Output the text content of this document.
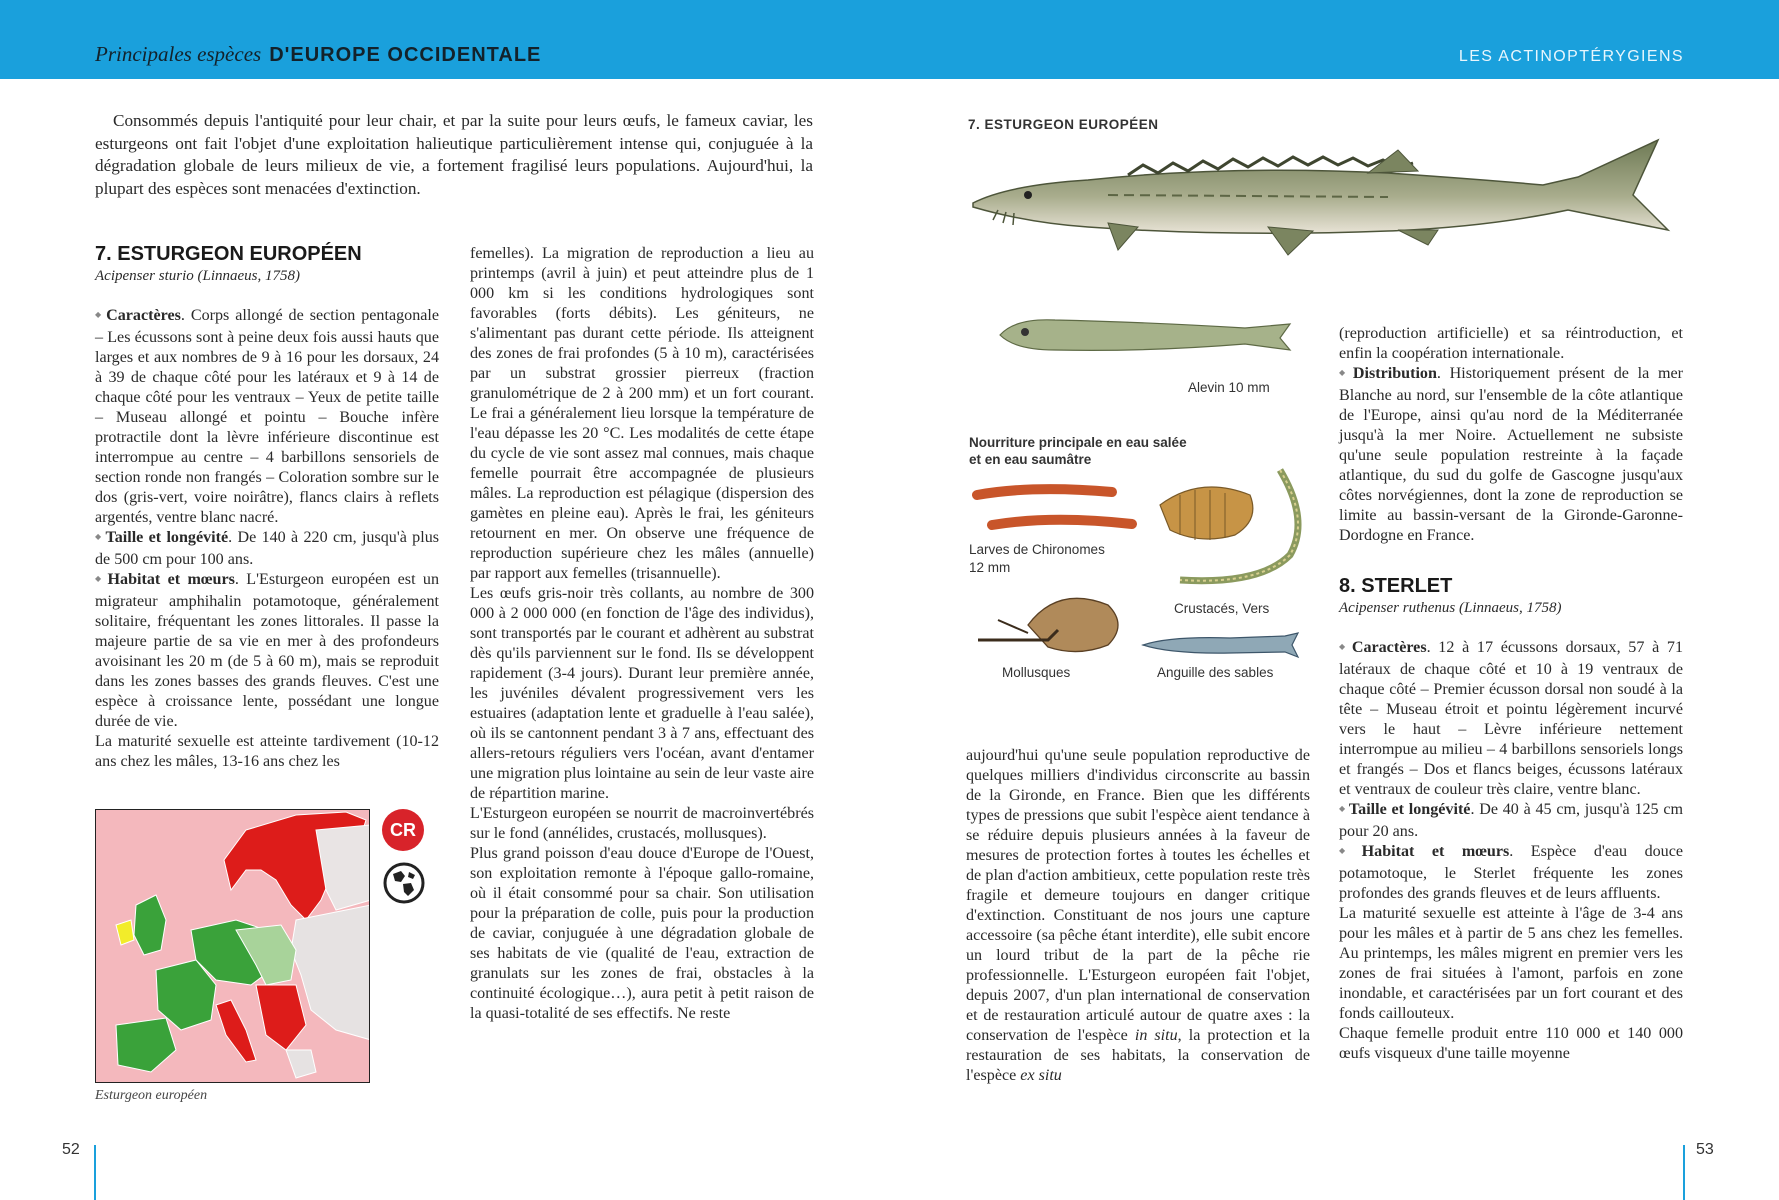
Principales espèces D'EUROPE OCCIDENTALE	LES ACTINOPTÉRYGIENS

Consommés depuis l'antiquité pour leur chair, et par la suite pour leurs œufs, le fameux caviar, les esturgeons ont fait l'objet d'une exploitation halieutique particulièrement intense qui, conjuguée à la dégradation globale de leurs milieux de vie, a fortement fragilisé leurs populations. Aujourd'hui, la plupart des espèces sont menacées d'extinction.

7. ESTURGEON EUROPÉEN
Acipenser sturio (Linnaeus, 1758)

◆ Caractères. Corps allongé de section pentagonale – Les écussons sont à peine deux fois aussi hauts que larges et aux nombres de 9 à 16 pour les dorsaux, 24 à 39 de chaque côté pour les latéraux et 9 à 14 de chaque côté pour les ventraux – Yeux de petite taille – Museau allongé et pointu – Bouche infère protractile dont la lèvre inférieure discontinue est interrompue au centre – 4 barbillons sensoriels de section ronde non frangés – Coloration sombre sur le dos (gris-vert, voire noirâtre), flancs clairs à reflets argentés, ventre blanc nacré.

◆ Taille et longévité. De 140 à 220 cm, jusqu'à plus de 500 cm pour 100 ans.

◆ Habitat et mœurs. L'Esturgeon européen est un migrateur amphihalin potamotoque, généralement solitaire, fréquentant les zones littorales. Il passe la majeure partie de sa vie en mer à des profondeurs avoisinant les 20 m (de 5 à 60 m), mais se reproduit dans les zones basses des grands fleuves. C'est une espèce à croissance lente, possédant une longue durée de vie.

La maturité sexuelle est atteinte tardivement (10-12 ans chez les mâles, 13-16 ans chez les

CR
Esturgeon européen

femelles). La migration de reproduction a lieu au printemps (avril à juin) et peut atteindre plus de 1 000 km si les conditions hydrologiques sont favorables (forts débits). Les géniteurs, ne s'alimentant pas durant cette période. Ils atteignent des zones de frai profondes (5 à 10 m), caractérisées par un substrat grossier pierreux (fraction granulométrique de 2 à 200 mm) et un fort courant. Le frai a généralement lieu lorsque la température de l'eau dépasse les 20 °C. Les modalités de cette étape du cycle de vie sont assez mal connues, mais chaque femelle pourrait être accompagnée de plusieurs mâles. La reproduction est pélagique (dispersion des gamètes en pleine eau). Après le frai, les géniteurs retournent en mer. On observe une fréquence de reproduction supérieure chez les mâles (annuelle) par rapport aux femelles (trisannuelle).

Les œufs gris-noir très collants, au nombre de 300 000 à 2 000 000 (en fonction de l'âge des individus), sont transportés par le courant et adhèrent au substrat dès qu'ils parviennent sur le fond. Ils se développent rapidement (3-4 jours). Durant leur première année, les juvéniles dévalent progressivement vers les estuaires (adaptation lente et graduelle à l'eau salée), où ils se cantonnent pendant 3 à 7 ans, effectuant des allers-retours réguliers vers l'océan, avant d'entamer une migration plus lointaine au sein de leur vaste aire de répartition marine.

L'Esturgeon européen se nourrit de macroinvertébrés sur le fond (annélides, crustacés, mollusques).

Plus grand poisson d'eau douce d'Europe de l'Ouest, son exploitation remonte à l'époque gallo-romaine, où il était consommé pour sa chair. Son utilisation pour la préparation de colle, puis pour la production de caviar, conjuguée à une dégradation globale de ses habitats de vie (qualité de l'eau, extraction de granulats sur les zones de frai, obstacles à la continuité écologique…), aura petit à petit raison de la quasi-totalité de ses effectifs. Ne reste

7. ESTURGEON EUROPÉEN
Alevin 10 mm
Nourriture principale en eau salée
et en eau saumâtre
Larves de Chironomes
12 mm
Crustacés, Vers
Mollusques	Anguille des sables

aujourd'hui qu'une seule population reproductive de quelques milliers d'individus circonscrite au bassin de la Gironde, en France. Bien que les différents types de pressions que subit l'espèce aient tendance à se réduire depuis plusieurs années à la faveur de mesures de protection fortes à toutes les échelles et de plan d'action ambitieux, cette population reste très fragile et demeure toujours en danger critique d'extinction. Constituant de nos jours une capture accessoire (sa pêche étant interdite), elle subit encore un lourd tribut de la part de la pêche rie professionnelle. L'Esturgeon européen fait l'objet, depuis 2007, d'un plan international de conservation et de restauration articulé autour de quatre axes : la conservation de l'espèce in situ, la protection et la restauration de ses habitats, la conservation de l'espèce ex situ

(reproduction artificielle) et sa réintroduction, et enfin la coopération internationale.

◆ Distribution. Historiquement présent de la mer Blanche au nord, sur l'ensemble de la côte atlantique de l'Europe, ainsi qu'au nord de la Méditerranée jusqu'à la mer Noire. Actuellement ne subsiste qu'une seule population restreinte à la façade atlantique, du sud du golfe de Gascogne jusqu'aux côtes norvégiennes, dont la zone de reproduction se limite au bassin-versant de la Gironde-Garonne-Dordogne en France.

8. STERLET
Acipenser ruthenus (Linnaeus, 1758)

◆ Caractères. 12 à 17 écussons dorsaux, 57 à 71 latéraux de chaque côté et 10 à 19 ventraux de chaque côté – Premier écusson dorsal non soudé à la tête – Museau étroit et pointu légèrement incurvé vers le haut – Lèvre inférieure nettement interrompue au milieu – 4 barbillons sensoriels longs et frangés – Dos et flancs beiges, écussons latéraux et ventraux de couleur très claire, ventre blanc.

◆ Taille et longévité. De 40 à 45 cm, jusqu'à 125 cm pour 20 ans.

◆ Habitat et mœurs. Espèce d'eau douce potamotoque, le Sterlet fréquente les zones profondes des grands fleuves et de leurs affluents.

La maturité sexuelle est atteinte à l'âge de 3-4 ans pour les mâles et à partir de 5 ans chez les femelles. Au printemps, les mâles migrent en premier vers les zones de frai situées à l'amont, parfois en zone inondable, et caractérisées par un fort courant et des fonds caillouteux.

Chaque femelle produit entre 110 000 et 140 000 œufs visqueux d'une taille moyenne

52	53
